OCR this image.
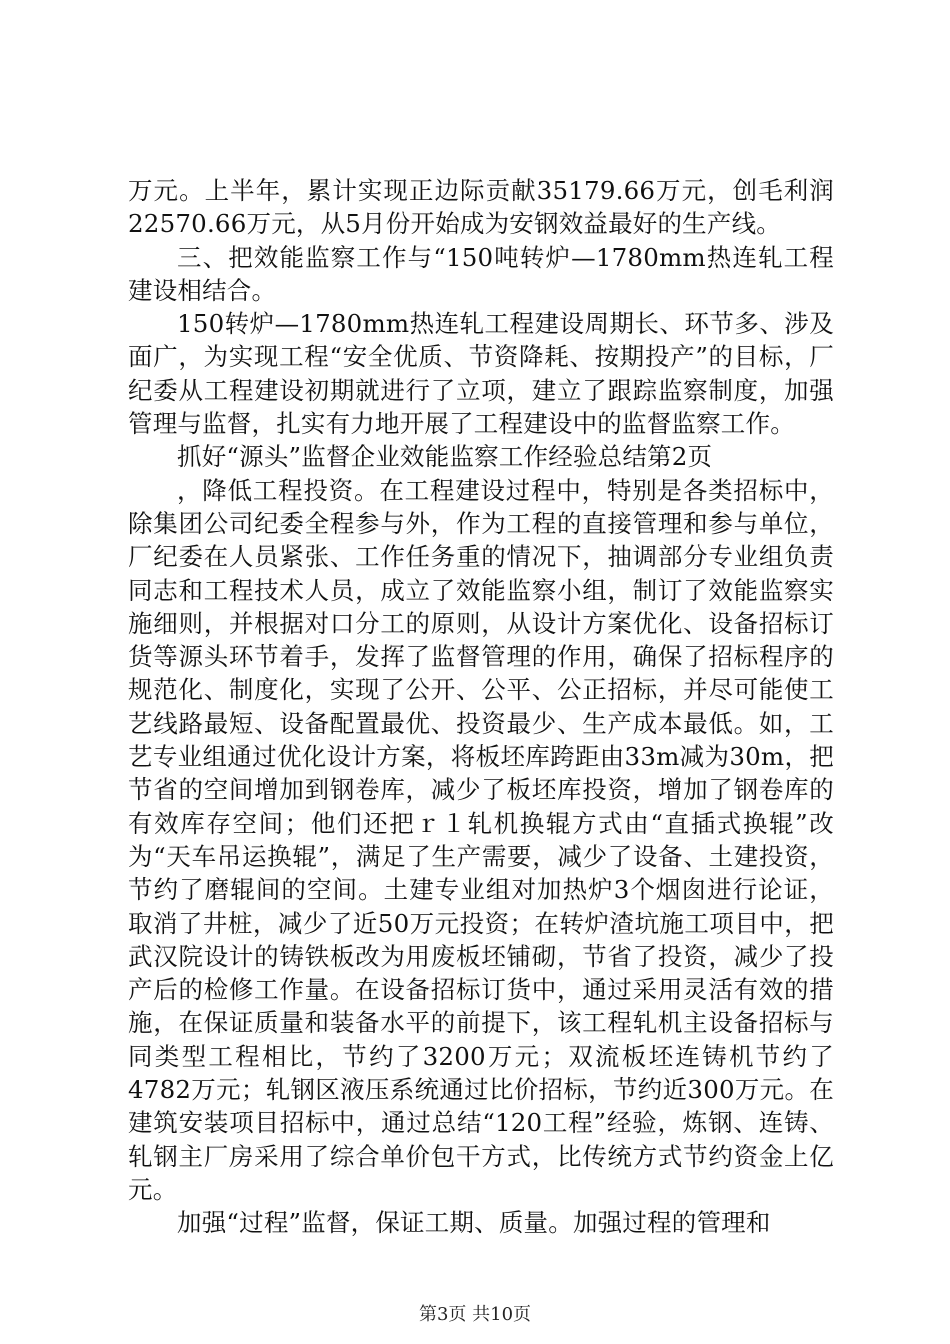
万元。上半年，累计实现正边际贡献35179.66万元，创毛利润22570.66万元，从5月份开始成为安钢效益最好的生产线。

三、把效能监察工作与“150吨转炉—1780mm热连轧工程建设相结合。

150转炉—1780mm热连轧工程建设周期长、环节多、涉及面广，为实现工程“安全优质、节资降耗、按期投产”的目标，厂纪委从工程建设初期就进行了立项，建立了跟踪监察制度，加强管理与监督，扎实有力地开展了工程建设中的监督监察工作。

抓好“源头”监督企业效能监察工作经验总结第2页

，降低工程投资。在工程建设过程中，特别是各类招标中，除集团公司纪委全程参与外，作为工程的直接管理和参与单位，厂纪委在人员紧张、工作任务重的情况下，抽调部分专业组负责同志和工程技术人员，成立了效能监察小组，制订了效能监察实施细则，并根据对口分工的原则，从设计方案优化、设备招标订货等源头环节着手，发挥了监督管理的作用，确保了招标程序的规范化、制度化，实现了公开、公平、公正招标，并尽可能使工艺线路最短、设备配置最优、投资最少、生产成本最低。如，工艺专业组通过优化设计方案，将板坯库跨距由33m减为30m，把节省的空间增加到钢卷库，减少了板坯库投资，增加了钢卷库的有效库存空间；他们还把ｒ１轧机换辊方式由“直插式换辊”改为“天车吊运换辊”，满足了生产需要，减少了设备、土建投资，节约了磨辊间的空间。土建专业组对加热炉3个烟囱进行论证，取消了井桩，减少了近50万元投资；在转炉渣坑施工项目中，把武汉院设计的铸铁板改为用废板坯铺砌，节省了投资，减少了投产后的检修工作量。在设备招标订货中，通过采用灵活有效的措施，在保证质量和装备水平的前提下，该工程轧机主设备招标与同类型工程相比，节约了3200万元；双流板坯连铸机节约了4782万元；轧钢区液压系统通过比价招标，节约近300万元。在建筑安装项目招标中，通过总结“120工程”经验，炼钢、连铸、轧钢主厂房采用了综合单价包干方式，比传统方式节约资金上亿元。

加强“过程”监督，保证工期、质量。加强过程的管理和

第3页 共10页
